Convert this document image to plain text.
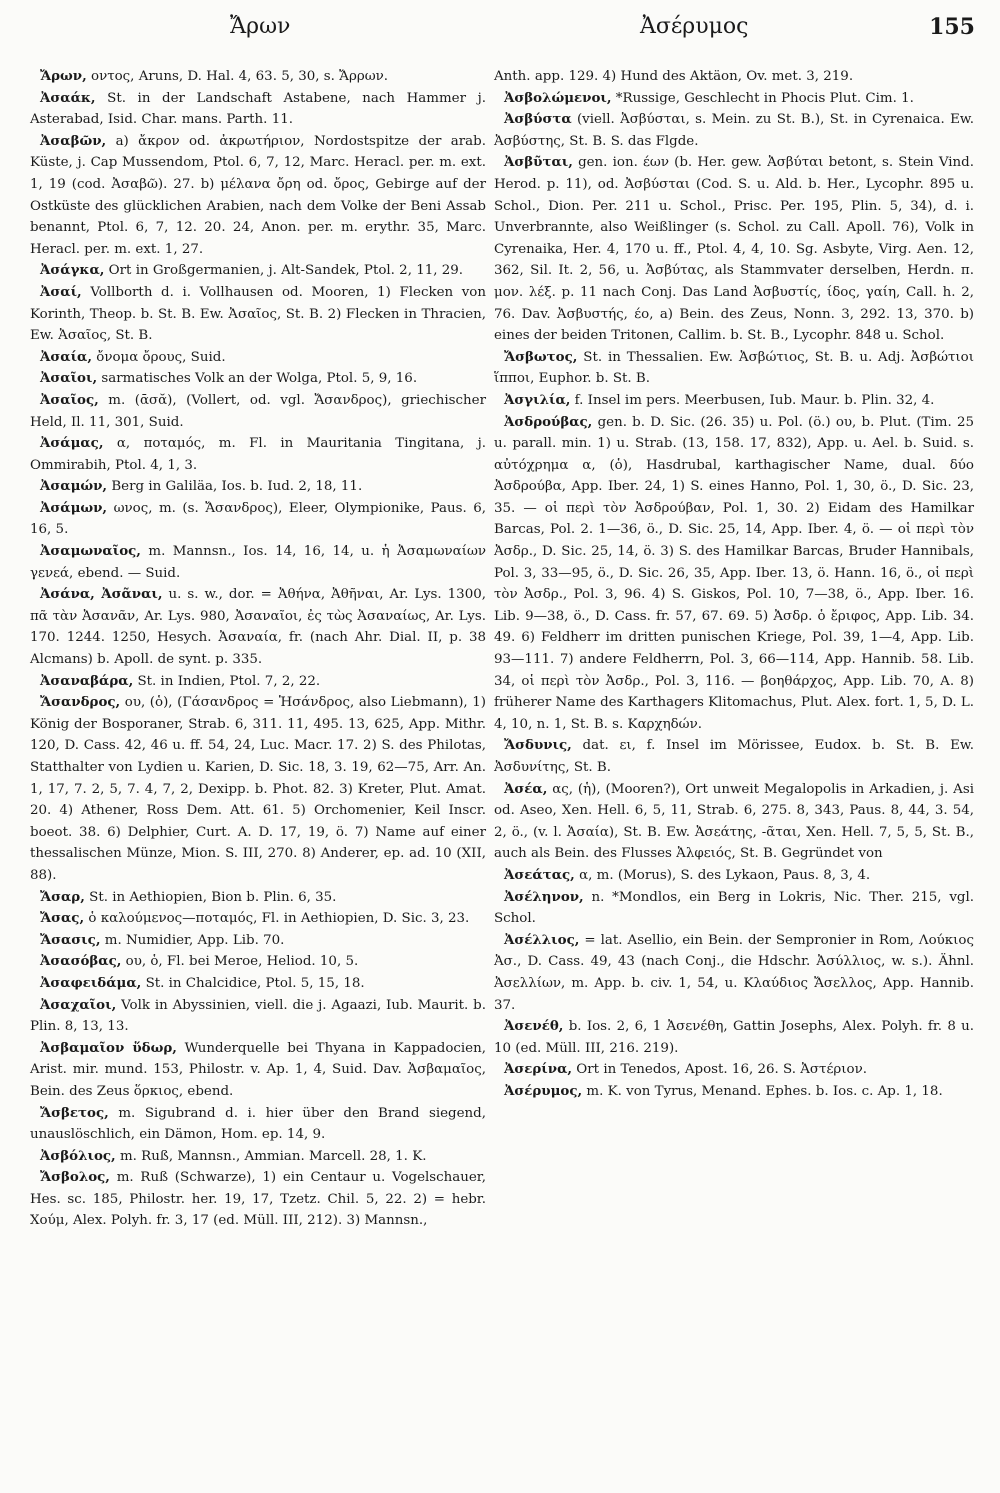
Ἄρων	Ἀσέρυμος	155

Ἄρων, οντος, Aruns, D. Hal. 4, 63. 5, 30, s. Ἄρρων.

Ἀσαάκ, St. in der Landschaft Astabene, nach Hammer j. Asterabad, Isid. Char. mans. Parth. 11.

Ἀσαβῶν, a) ἄκρον od. ἀκρωτήριον, Nordostspitze der arab. Küste, j. Cap Mussendom, Ptol. 6, 7, 12, Marc. Heracl. per. m. ext. 1, 19 (cod. Ἀσαβῶ). 27. b) μέλανα ὄρη od. ὄρος, Gebirge auf der Ostküste des glücklichen Arabien, nach dem Volke der Beni Assab benannt, Ptol. 6, 7, 12. 20. 24, Anon. per. m. erythr. 35, Marc. Heracl. per. m. ext. 1, 27.

Ἀσάγκα, Ort in Großgermanien, j. Alt-Sandek, Ptol. 2, 11, 29.

Ἀσαί, Vollborth d. i. Vollhausen od. Mooren, 1) Flecken von Korinth, Theop. b. St. B. Ew. Ἀσαῖος, St. B. 2) Flecken in Thracien, Ew. Ἀσαῖος, St. B.

Ἀσαία, ὄνομα ὄρους, Suid.

Ἀσαῖοι, sarmatisches Volk an der Wolga, Ptol. 5, 9, 16.

Ἀσαῖος, m. (ᾱσᾰ), (Vollert, od. vgl. Ἄσανδρος), griechischer Held, Il. 11, 301, Suid.

Ἀσάμας, α, ποταμός, m. Fl. in Mauritania Tingitana, j. Ommirabih, Ptol. 4, 1, 3.

Ἀσαμών, Berg in Galiläa, Ios. b. Iud. 2, 18, 11.

Ἀσάμων, ωνος, m. (s. Ἄσανδρος), Eleer, Olympionike, Paus. 6, 16, 5.

Ἀσαμωναῖος, m. Mannsn., Ios. 14, 16, 14, u. ἡ Ἀσαμωναίων γενεά, ebend. — Suid.

Ἀσάνα, Ἀσᾶναι, u. s. w., dor. = Ἀθήνα, Ἀθῆναι, Ar. Lys. 1300, πᾶ τὰν Ἀσανᾶν, Ar. Lys. 980, Ἀσαναῖοι, ἐς τὼς Ἀσαναίως, Ar. Lys. 170. 1244. 1250, Hesych. Ἀσαναία, fr. (nach Ahr. Dial. II, p. 38 Alcmans) b. Apoll. de synt. p. 335.

Ἀσαναβάρα, St. in Indien, Ptol. 7, 2, 22.

Ἄσανδρος, ου, (ὁ), (Γάσανδρος = Ἡσάνδρος, also Liebmann), 1) König der Bosporaner, Strab. 6, 311. 11, 495. 13, 625, App. Mithr. 120, D. Cass. 42, 46 u. ff. 54, 24, Luc. Macr. 17. 2) S. des Philotas, Statthalter von Lydien u. Karien, D. Sic. 18, 3. 19, 62—75, Arr. An. 1, 17, 7. 2, 5, 7. 4, 7, 2, Dexipp. b. Phot. 82. 3) Kreter, Plut. Amat. 20. 4) Athener, Ross Dem. Att. 61. 5) Orchomenier, Keil Inscr. boeot. 38. 6) Delphier, Curt. A. D. 17, 19, ö. 7) Name auf einer thessalischen Münze, Mion. S. III, 270. 8) Anderer, ep. ad. 10 (XII, 88).

Ἄσαρ, St. in Aethiopien, Bion b. Plin. 6, 35.

Ἄσας, ὁ καλούμενος—ποταμός, Fl. in Aethiopien, D. Sic. 3, 23.

Ἄσασις, m. Numidier, App. Lib. 70.

Ἀσασόβας, ου, ὁ, Fl. bei Meroe, Heliod. 10, 5.

Ἀσαφειδάμα, St. in Chalcidice, Ptol. 5, 15, 18.

Ἀσαχαῖοι, Volk in Abyssinien, viell. die j. Agaazi, Iub. Maurit. b. Plin. 8, 13, 13.

Ἀσβαμαῖον ὕδωρ, Wunderquelle bei Thyana in Kappadocien, Arist. mir. mund. 153, Philostr. v. Ap. 1, 4, Suid. Dav. Ἀσβαμαῖος, Bein. des Zeus ὅρκιος, ebend.

Ἄσβετος, m. Sigubrand d. i. hier über den Brand siegend, unauslöschlich, ein Dämon, Hom. ep. 14, 9.

Ἀσβόλιος, m. Ruß, Mannsn., Ammian. Marcell. 28, 1. K.

Ἄσβολος, m. Ruß (Schwarze), 1) ein Centaur u. Vogelschauer, Hes. sc. 185, Philostr. her. 19, 17, Tzetz. Chil. 5, 22. 2) = hebr. Χούμ, Alex. Polyh. fr. 3, 17 (ed. Müll. III, 212). 3) Mannsn.,

Anth. app. 129. 4) Hund des Aktäon, Ov. met. 3, 219.

Ἀσβολώμενοι, *Russige, Geschlecht in Phocis Plut. Cim. 1.

Ἀσβύστα (viell. Ἀσβύσται, s. Mein. zu St. B.), St. in Cyrenaica. Ew. Ἀσβύστης, St. B. S. das Flgde.

Ἀσβῦται, gen. ion. έων (b. Her. gew. Ἀσβύται betont, s. Stein Vind. Herod. p. 11), od. Ἀσβύσται (Cod. S. u. Ald. b. Her., Lycophr. 895 u. Schol., Dion. Per. 211 u. Schol., Prisc. Per. 195, Plin. 5, 34), d. i. Unverbrannte, also Weißlinger (s. Schol. zu Call. Apoll. 76), Volk in Cyrenaika, Her. 4, 170 u. ff., Ptol. 4, 4, 10. Sg. Asbyte, Virg. Aen. 12, 362, Sil. It. 2, 56, u. Ἀσβύτας, als Stammvater derselben, Herdn. π. μον. λέξ. p. 11 nach Conj. Das Land Ἀσβυστίς, ίδος, γαίη, Call. h. 2, 76. Dav. Ἀσβυστής, έο, a) Bein. des Zeus, Nonn. 3, 292. 13, 370. b) eines der beiden Tritonen, Callim. b. St. B., Lycophr. 848 u. Schol.

Ἄσβωτος, St. in Thessalien. Ew. Ἀσβώτιος, St. B. u. Adj. Ἀσβώτιοι ἵπποι, Euphor. b. St. B.

Ἀσγιλία, f. Insel im pers. Meerbusen, Iub. Maur. b. Plin. 32, 4.

Ἀσδρούβας, gen. b. D. Sic. (26. 35) u. Pol. (ö.) ου, b. Plut. (Tim. 25 u. parall. min. 1) u. Strab. (13, 158. 17, 832), App. u. Ael. b. Suid. s. αὐτόχρημα α, (ὁ), Hasdrubal, karthagischer Name, dual. δύο Ἀσδρούβα, App. Iber. 24, 1) S. eines Hanno, Pol. 1, 30, ö., D. Sic. 23, 35. — οἱ περὶ τὸν Ἀσδρούβαν, Pol. 1, 30. 2) Eidam des Hamilkar Barcas, Pol. 2. 1—36, ö., D. Sic. 25, 14, App. Iber. 4, ö. — οἱ περὶ τὸν Ἀσδρ., D. Sic. 25, 14, ö. 3) S. des Hamilkar Barcas, Bruder Hannibals, Pol. 3, 33—95, ö., D. Sic. 26, 35, App. Iber. 13, ö. Hann. 16, ö., οἱ περὶ τὸν Ἀσδρ., Pol. 3, 96. 4) S. Giskos, Pol. 10, 7—38, ö., App. Iber. 16. Lib. 9—38, ö., D. Cass. fr. 57, 67. 69. 5) Ἀσδρ. ὁ ἔριφος, App. Lib. 34. 49. 6) Feldherr im dritten punischen Kriege, Pol. 39, 1—4, App. Lib. 93—111. 7) andere Feldherrn, Pol. 3, 66—114, App. Hannib. 58. Lib. 34, οἱ περὶ τὸν Ἀσδρ., Pol. 3, 116. — βοηθάρχος, App. Lib. 70, A. 8) früherer Name des Karthagers Klitomachus, Plut. Alex. fort. 1, 5, D. L. 4, 10, n. 1, St. B. s. Καρχηδών.

Ἄσδυνις, dat. ει, f. Insel im Mörissee, Eudox. b. St. B. Ew. Ἀσδυνίτης, St. B.

Ἀσέα, ας, (ἡ), (Mooren?), Ort unweit Megalopolis in Arkadien, j. Asi od. Aseo, Xen. Hell. 6, 5, 11, Strab. 6, 275. 8, 343, Paus. 8, 44, 3. 54, 2, ö., (v. l. Ἀσαία), St. B. Ew. Ἀσεάτης, -ᾶται, Xen. Hell. 7, 5, 5, St. B., auch als Bein. des Flusses Ἀλφειός, St. B. Gegründet von

Ἀσεάτας, α, m. (Morus), S. des Lykaon, Paus. 8, 3, 4.

Ἀσέληνον, n. *Mondlos, ein Berg in Lokris, Nic. Ther. 215, vgl. Schol.

Ἀσέλλιος, = lat. Asellio, ein Bein. der Sempronier in Rom, Λούκιος Ἀσ., D. Cass. 49, 43 (nach Conj., die Hdschr. Ἀσύλλιος, w. s.). Ähnl. Ἀσελλίων, m. App. b. civ. 1, 54, u. Κλαύδιος Ἄσελλος, App. Hannib. 37.

Ἀσενέθ, b. Ios. 2, 6, 1 Ἀσενέθη, Gattin Josephs, Alex. Polyh. fr. 8 u. 10 (ed. Müll. III, 216. 219).

Ἀσερίνα, Ort in Tenedos, Apost. 16, 26. S. Ἀστέριον.

Ἀσέρυμος, m. K. von Tyrus, Menand. Ephes. b. Ios. c. Ap. 1, 18.
